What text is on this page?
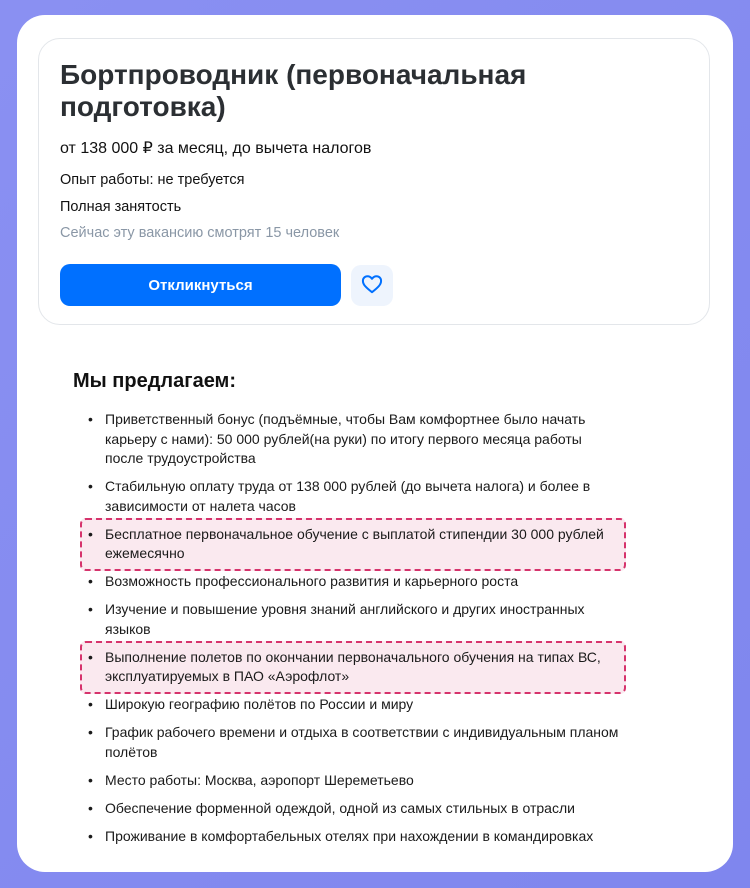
Бортпроводник (первоначальная подготовка)
от 138 000 ₽ за месяц, до вычета налогов
Опыт работы: не требуется
Полная занятость
Сейчас эту вакансию смотрят 15 человек
Откликнуться
Мы предлагаем:
• Приветственный бонус (подъёмные, чтобы Вам комфортнее было начать карьеру с нами): 50 000 рублей(на руки) по итогу первого месяца работы после трудоустройства
• Стабильную оплату труда от 138 000 рублей (до вычета налога) и более в зависимости от налета часов
• Бесплатное первоначальное обучение с выплатой стипендии 30 000 рублей ежемесячно
• Возможность профессионального развития и карьерного роста
• Изучение и повышение уровня знаний английского и других иностранных языков
• Выполнение полетов по окончании первоначального обучения на типах ВС, эксплуатируемых в ПАО «Аэрофлот»
• Широкую географию полётов по России и миру
• График рабочего времени и отдыха в соответствии с индивидуальным планом полётов
• Место работы: Москва, аэропорт Шереметьево
• Обеспечение форменной одеждой, одной из самых стильных в отрасли
• Проживание в комфортабельных отелях при нахождении в командировках
